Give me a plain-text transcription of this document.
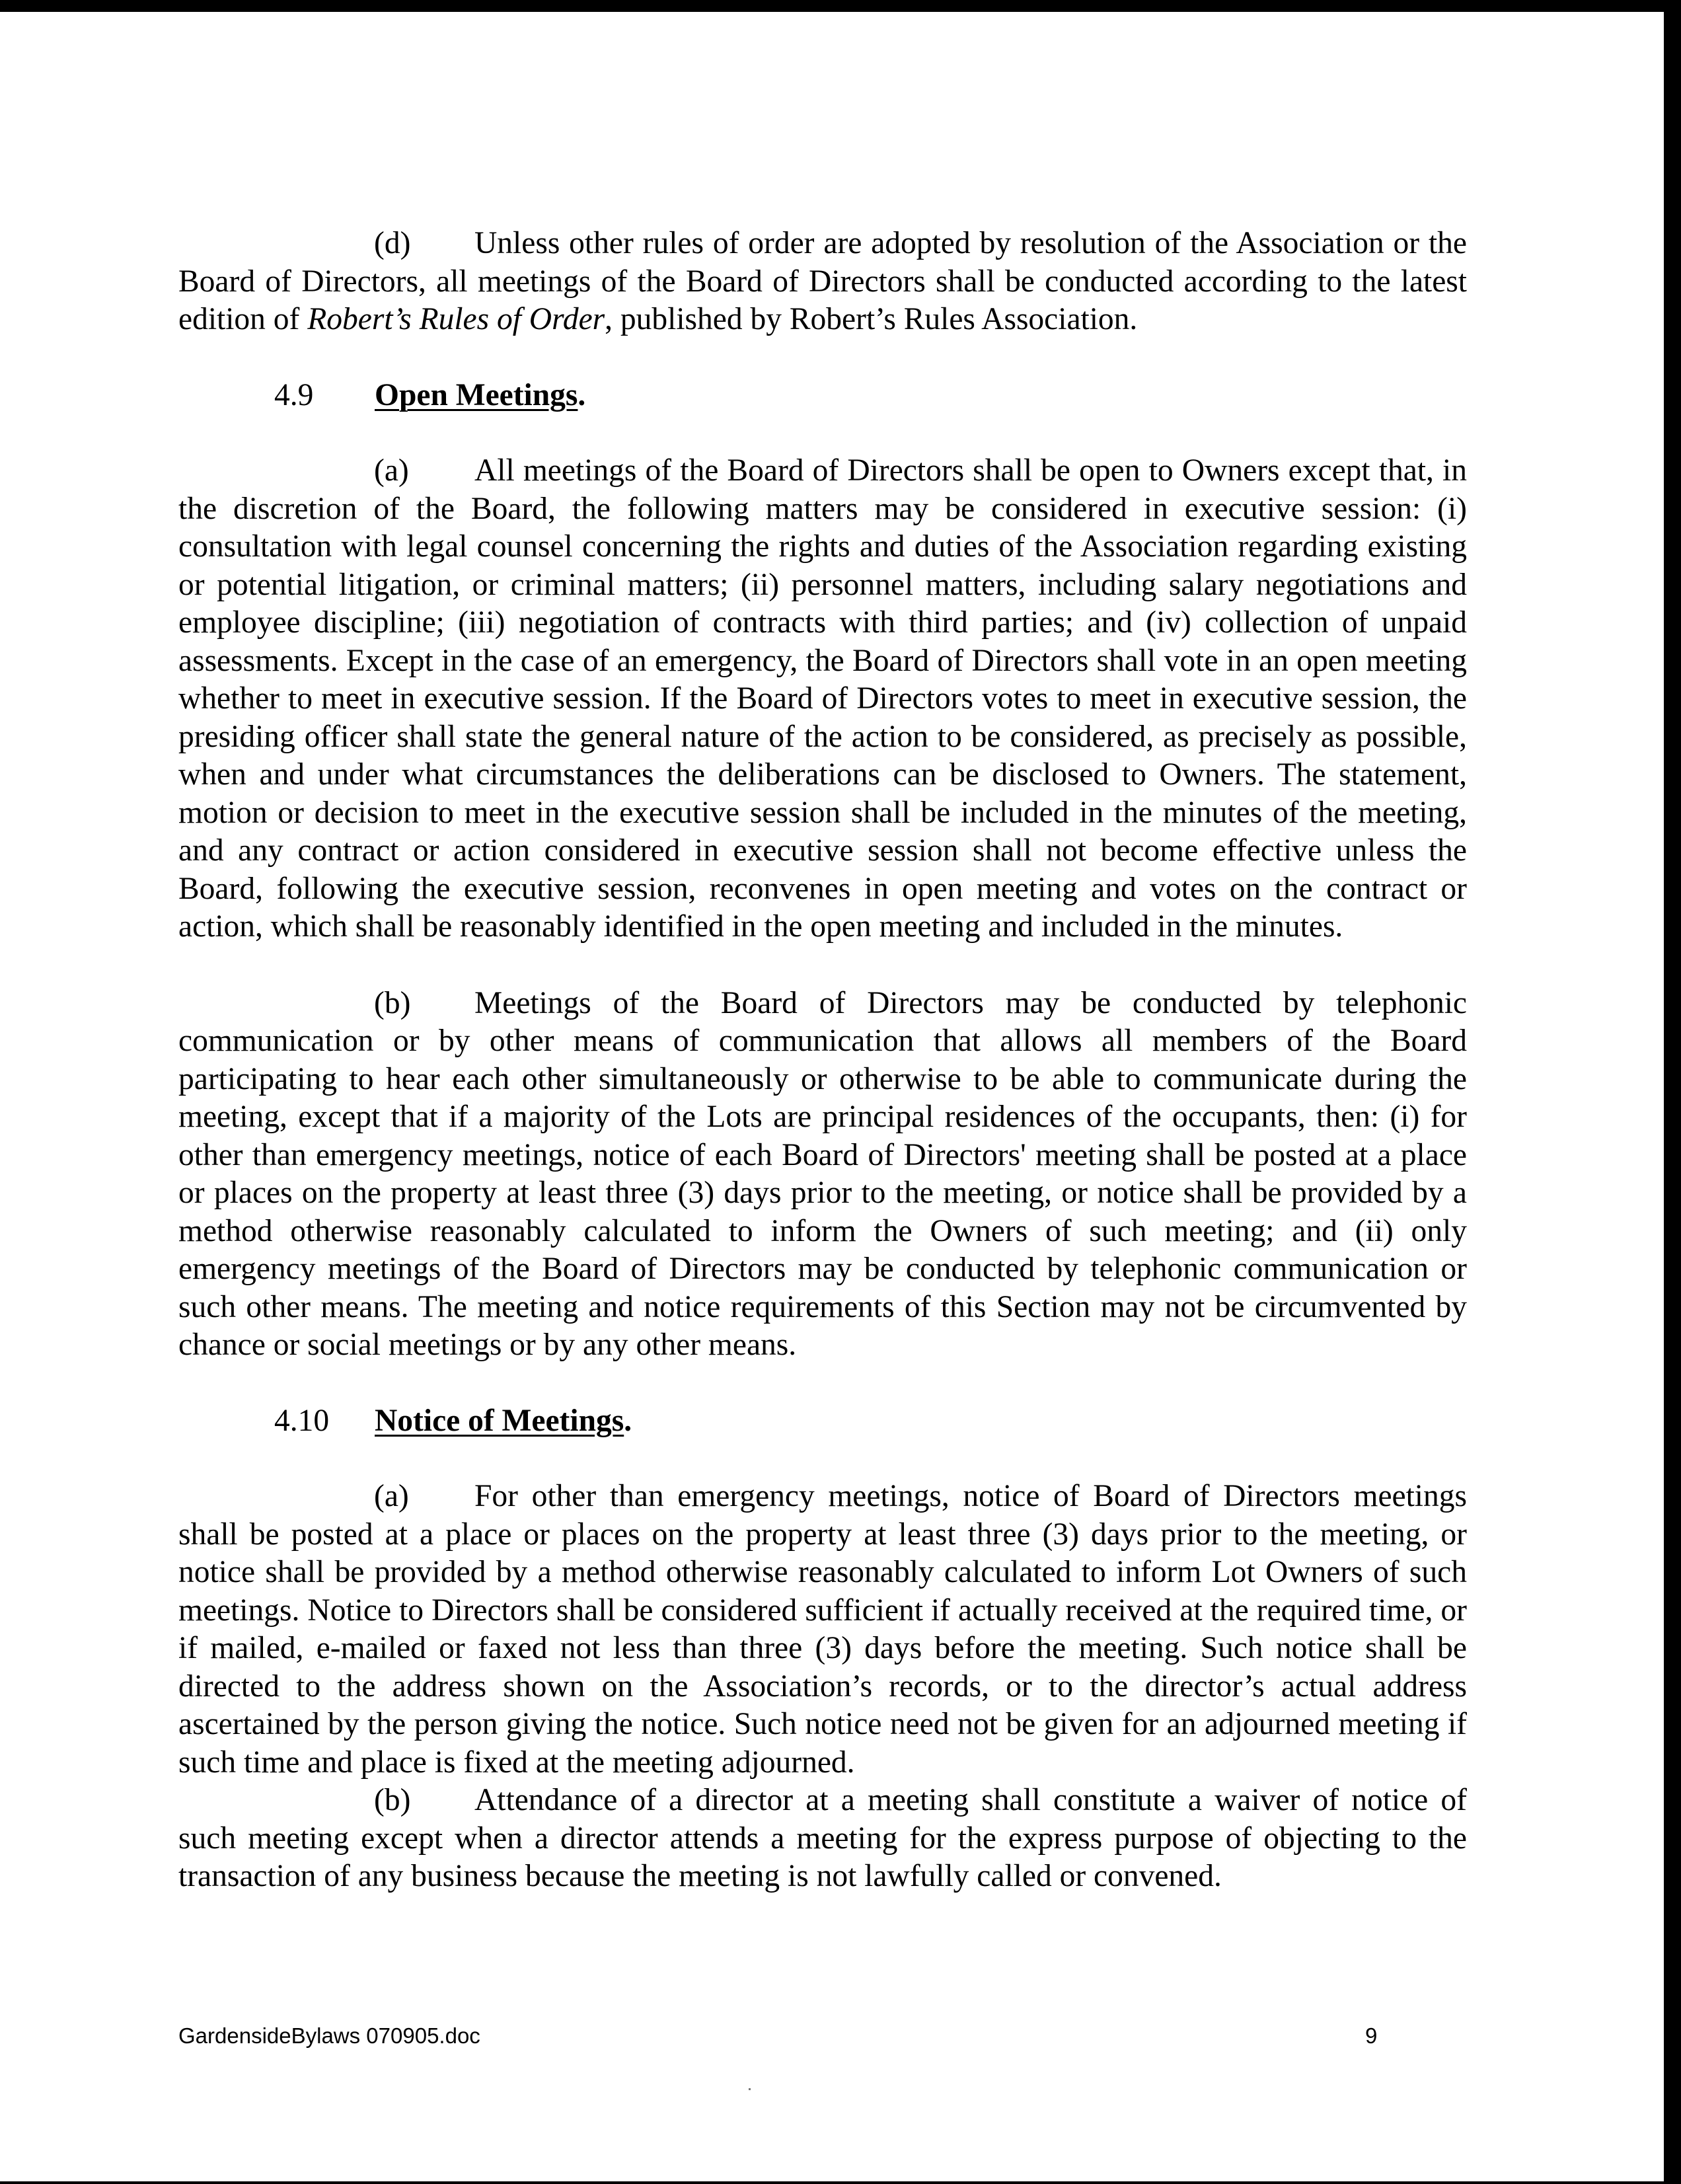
(d) Unless other rules of order are adopted by resolution of the Association or the Board of Directors, all meetings of the Board of Directors shall be conducted according to the latest edition of Robert’s Rules of Order, published by Robert’s Rules Association.

4.9 Open Meetings.

(a) All meetings of the Board of Directors shall be open to Owners except that, in the discretion of the Board, the following matters may be considered in executive session: (i) consultation with legal counsel concerning the rights and duties of the Association regarding existing or potential litigation, or criminal matters; (ii) personnel matters, including salary negotiations and employee discipline; (iii) negotiation of contracts with third parties; and (iv) collection of unpaid assessments. Except in the case of an emergency, the Board of Directors shall vote in an open meeting whether to meet in executive session. If the Board of Directors votes to meet in executive session, the presiding officer shall state the general nature of the action to be considered, as precisely as possible, when and under what circumstances the deliberations can be disclosed to Owners. The statement, motion or decision to meet in the executive session shall be included in the minutes of the meeting, and any contract or action considered in executive session shall not become effective unless the Board, following the executive session, reconvenes in open meeting and votes on the contract or action, which shall be reasonably identified in the open meeting and included in the minutes.

(b) Meetings of the Board of Directors may be conducted by telephonic communication or by other means of communication that allows all members of the Board participating to hear each other simultaneously or otherwise to be able to communicate during the meeting, except that if a majority of the Lots are principal residences of the occupants, then: (i) for other than emergency meetings, notice of each Board of Directors' meeting shall be posted at a place or places on the property at least three (3) days prior to the meeting, or notice shall be provided by a method otherwise reasonably calculated to inform the Owners of such meeting; and (ii) only emergency meetings of the Board of Directors may be conducted by telephonic communication or such other means. The meeting and notice requirements of this Section may not be circumvented by chance or social meetings or by any other means.

4.10 Notice of Meetings.

(a) For other than emergency meetings, notice of Board of Directors meetings shall be posted at a place or places on the property at least three (3) days prior to the meeting, or notice shall be provided by a method otherwise reasonably calculated to inform Lot Owners of such meetings. Notice to Directors shall be considered sufficient if actually received at the required time, or if mailed, e-mailed or faxed not less than three (3) days before the meeting. Such notice shall be directed to the address shown on the Association’s records, or to the director’s actual address ascertained by the person giving the notice. Such notice need not be given for an adjourned meeting if such time and place is fixed at the meeting adjourned.

(b) Attendance of a director at a meeting shall constitute a waiver of notice of such meeting except when a director attends a meeting for the express purpose of objecting to the transaction of any business because the meeting is not lawfully called or convened.

GardensideBylaws 070905.doc	9
